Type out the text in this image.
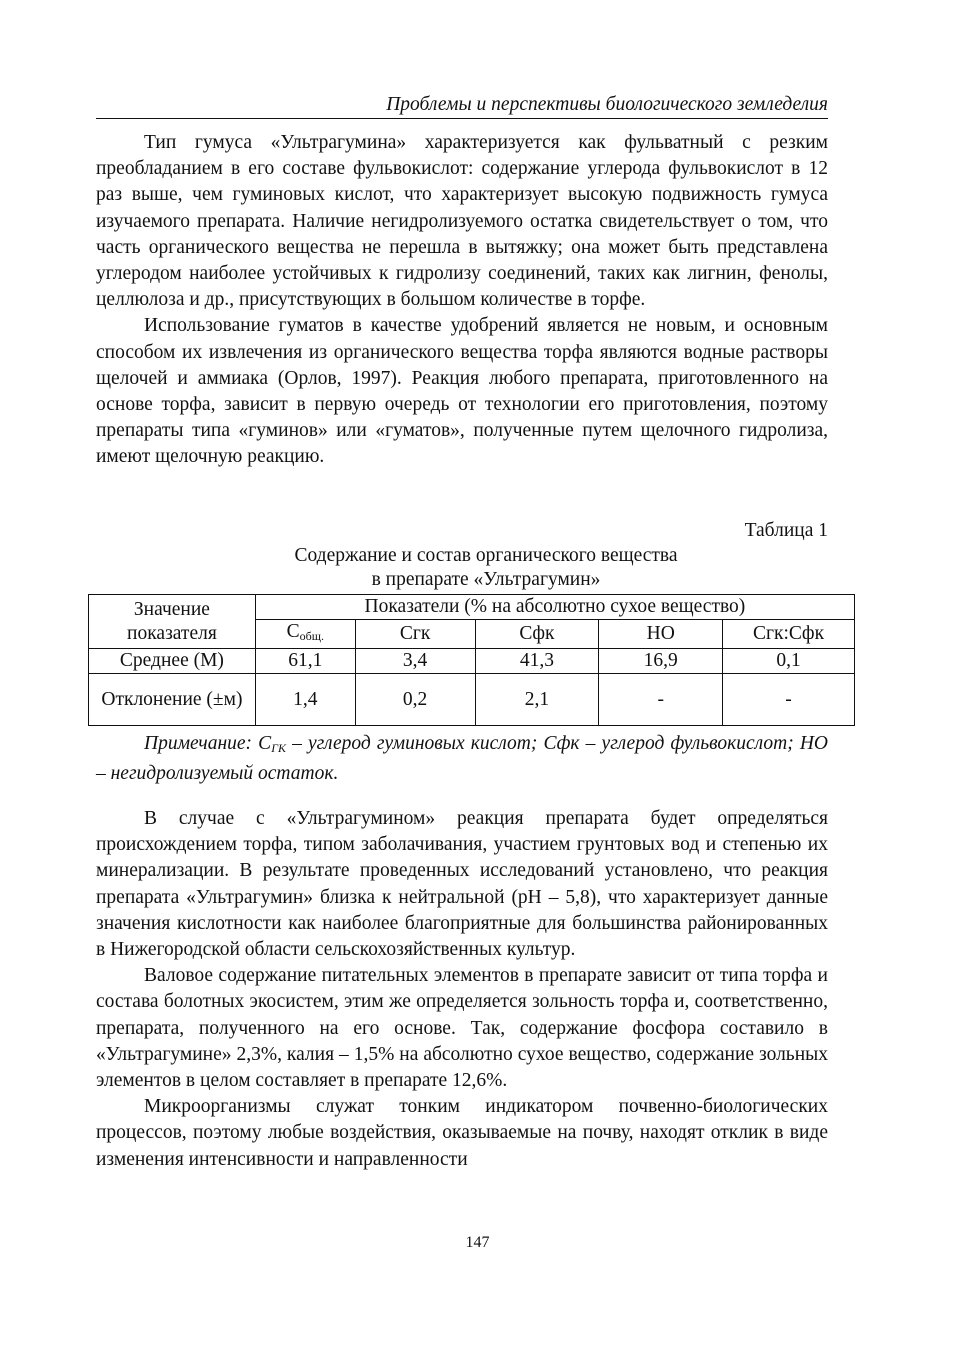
Проблемы и перспективы биологического земледелия

Тип гумуса «Ультрагумина» характеризуется как фульватный с резким преобладанием в его составе фульвокислот: содержание углерода фульвокислот в 12 раз выше, чем гуминовых кислот, что характеризует высокую подвижность гумуса изучаемого препарата. Наличие негидролизуемого остатка свидетельствует о том, что часть органического вещества не перешла в вытяжку; она может быть представлена углеродом наиболее устойчивых к гидролизу соединений, таких как лигнин, фенолы, целлюлоза и др., присутствующих в большом количестве в торфе.

Использование гуматов в качестве удобрений является не новым, и основным способом их извлечения из органического вещества торфа являются водные растворы щелочей и аммиака (Орлов, 1997). Реакция любого препарата, приготовленного на основе торфа, зависит в первую очередь от технологии его приготовления, поэтому препараты типа «гуминов» или «гуматов», полученные путем щелочного гидролиза, имеют щелочную реакцию.

Таблица 1
Содержание и состав органического вещества
в препарате «Ультрагумин»
Значение показателя	Показатели (% на абсолютно сухое вещество)				
	$С_{общ.}$	Сгк	Сфк	НО	Сгк:Сфк
Среднее (М)	61,1	3,4	41,3	16,9	0,1
Отклонение (±м)	1,4	0,2	2,1	-	-
Примечание: $С_{ГК}$ – углерод гуминовых кислот; Сфк – углерод фульвокислот; НО – негидролизуемый остаток.

В случае с «Ультрагумином» реакция препарата будет определяться происхождением торфа, типом заболачивания, участием грунтовых вод и степенью их минерализации. В результате проведенных исследований установлено, что реакция препарата «Ультрагумин» близка к нейтральной (рН – 5,8), что характеризует данные значения кислотности как наиболее благоприятные для большинства районированных в Нижегородской области сельскохозяйственных культур.

Валовое содержание питательных элементов в препарате зависит от типа торфа и состава болотных экосистем, этим же определяется зольность торфа и, соответственно, препарата, полученного на его основе. Так, содержание фосфора составило в «Ультрагумине» 2,3%, калия – 1,5% на абсолютно сухое вещество, содержание зольных элементов в целом составляет в препарате 12,6%.

Микроорганизмы служат тонким индикатором почвенно-биологических процессов, поэтому любые воздействия, оказываемые на почву, находят отклик в виде изменения интенсивности и направленности

147
